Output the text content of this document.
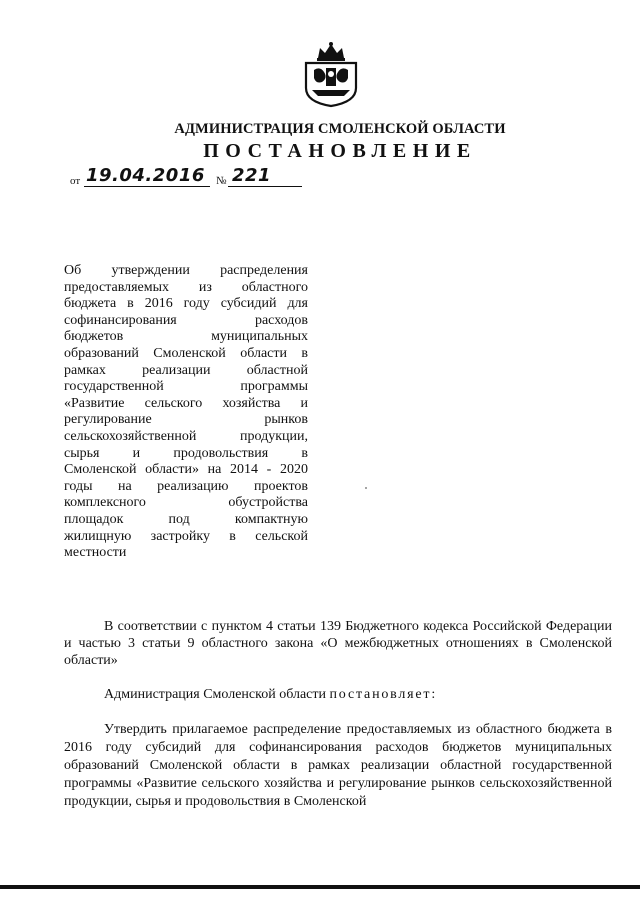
АДМИНИСТРАЦИЯ СМОЛЕНСКОЙ ОБЛАСТИ
ПОСТАНОВЛЕНИЕ
от 19.04.2016 № 221
Об утверждении распределения
предоставляемых из областного
бюджета в 2016 году субсидий для
софинансирования расходов
бюджетов муниципальных
образований Смоленской области в
рамках реализации областной
государственной программы
«Развитие сельского хозяйства и
регулирование рынков
сельскохозяйственной продукции,
сырья и продовольствия в
Смоленской области» на 2014 - 2020
годы на реализацию проектов
комплексного обустройства
площадок под компактную
жилищную застройку в сельской
местности
В соответствии с пунктом 4 статьи 139 Бюджетного кодекса Российской Федерации и частью 3 статьи 9 областного закона «О межбюджетных отношениях в Смоленской области»
Администрация Смоленской области постановляет:
Утвердить прилагаемое распределение предоставляемых из областного бюджета в 2016 году субсидий для софинансирования расходов бюджетов муниципальных образований Смоленской области в рамках реализации областной государственной программы «Развитие сельского хозяйства и регулирование рынков сельскохозяйственной продукции, сырья и продовольствия в Смоленской
